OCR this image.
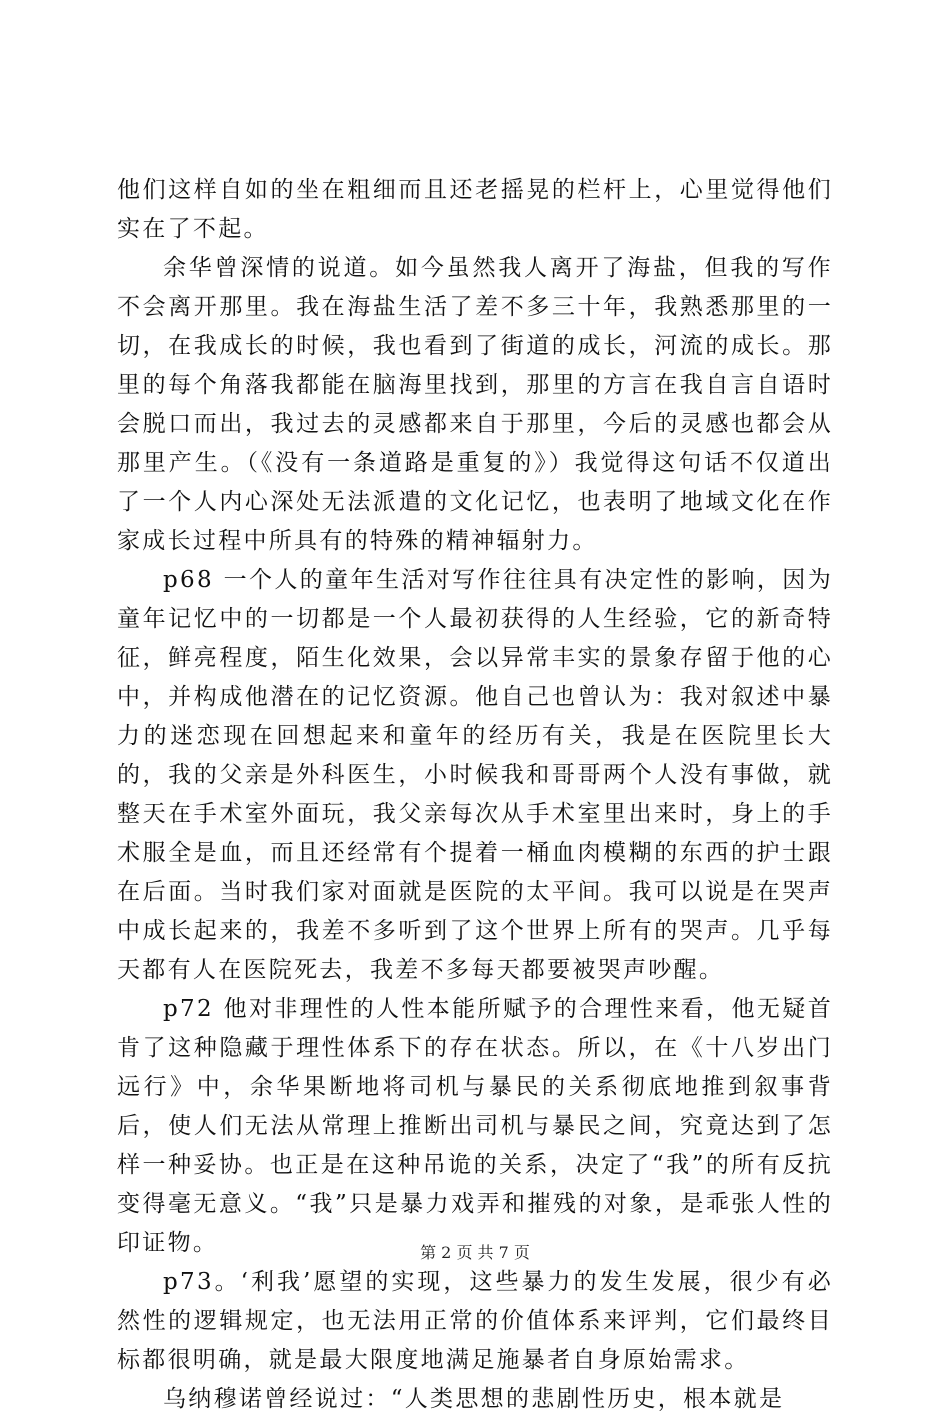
他们这样自如的坐在粗细而且还老摇晃的栏杆上，心里觉得他们实在了不起。

余华曾深情的说道。如今虽然我人离开了海盐，但我的写作不会离开那里。我在海盐生活了差不多三十年，我熟悉那里的一切，在我成长的时候，我也看到了街道的成长，河流的成长。那里的每个角落我都能在脑海里找到，那里的方言在我自言自语时会脱口而出，我过去的灵感都来自于那里，今后的灵感也都会从那里产生。（《没有一条道路是重复的》）我觉得这句话不仅道出了一个人内心深处无法派遣的文化记忆，也表明了地域文化在作家成长过程中所具有的特殊的精神辐射力。

p68 一个人的童年生活对写作往往具有决定性的影响，因为童年记忆中的一切都是一个人最初获得的人生经验，它的新奇特征，鲜亮程度，陌生化效果，会以异常丰实的景象存留于他的心中，并构成他潜在的记忆资源。他自己也曾认为：我对叙述中暴力的迷恋现在回想起来和童年的经历有关，我是在医院里长大的，我的父亲是外科医生，小时候我和哥哥两个人没有事做，就整天在手术室外面玩，我父亲每次从手术室里出来时，身上的手术服全是血，而且还经常有个提着一桶血肉模糊的东西的护士跟在后面。当时我们家对面就是医院的太平间。我可以说是在哭声中成长起来的，我差不多听到了这个世界上所有的哭声。几乎每天都有人在医院死去，我差不多每天都要被哭声吵醒。

p72 他对非理性的人性本能所赋予的合理性来看，他无疑首肯了这种隐藏于理性体系下的存在状态。所以，在《十八岁出门远行》中，余华果断地将司机与暴民的关系彻底地推到叙事背后，使人们无法从常理上推断出司机与暴民之间，究竟达到了怎样一种妥协。也正是在这种吊诡的关系，决定了“我”的所有反抗变得毫无意义。“我”只是暴力戏弄和摧残的对象，是乖张人性的印证物。

p73。‘利我’愿望的实现，这些暴力的发生发展，很少有必然性的逻辑规定，也无法用正常的价值体系来评判，它们最终目标都很明确，就是最大限度地满足施暴者自身原始需求。

乌纳穆诺曾经说过：“人类思想的悲剧性历史，根本就是

第 2 页 共 7 页
